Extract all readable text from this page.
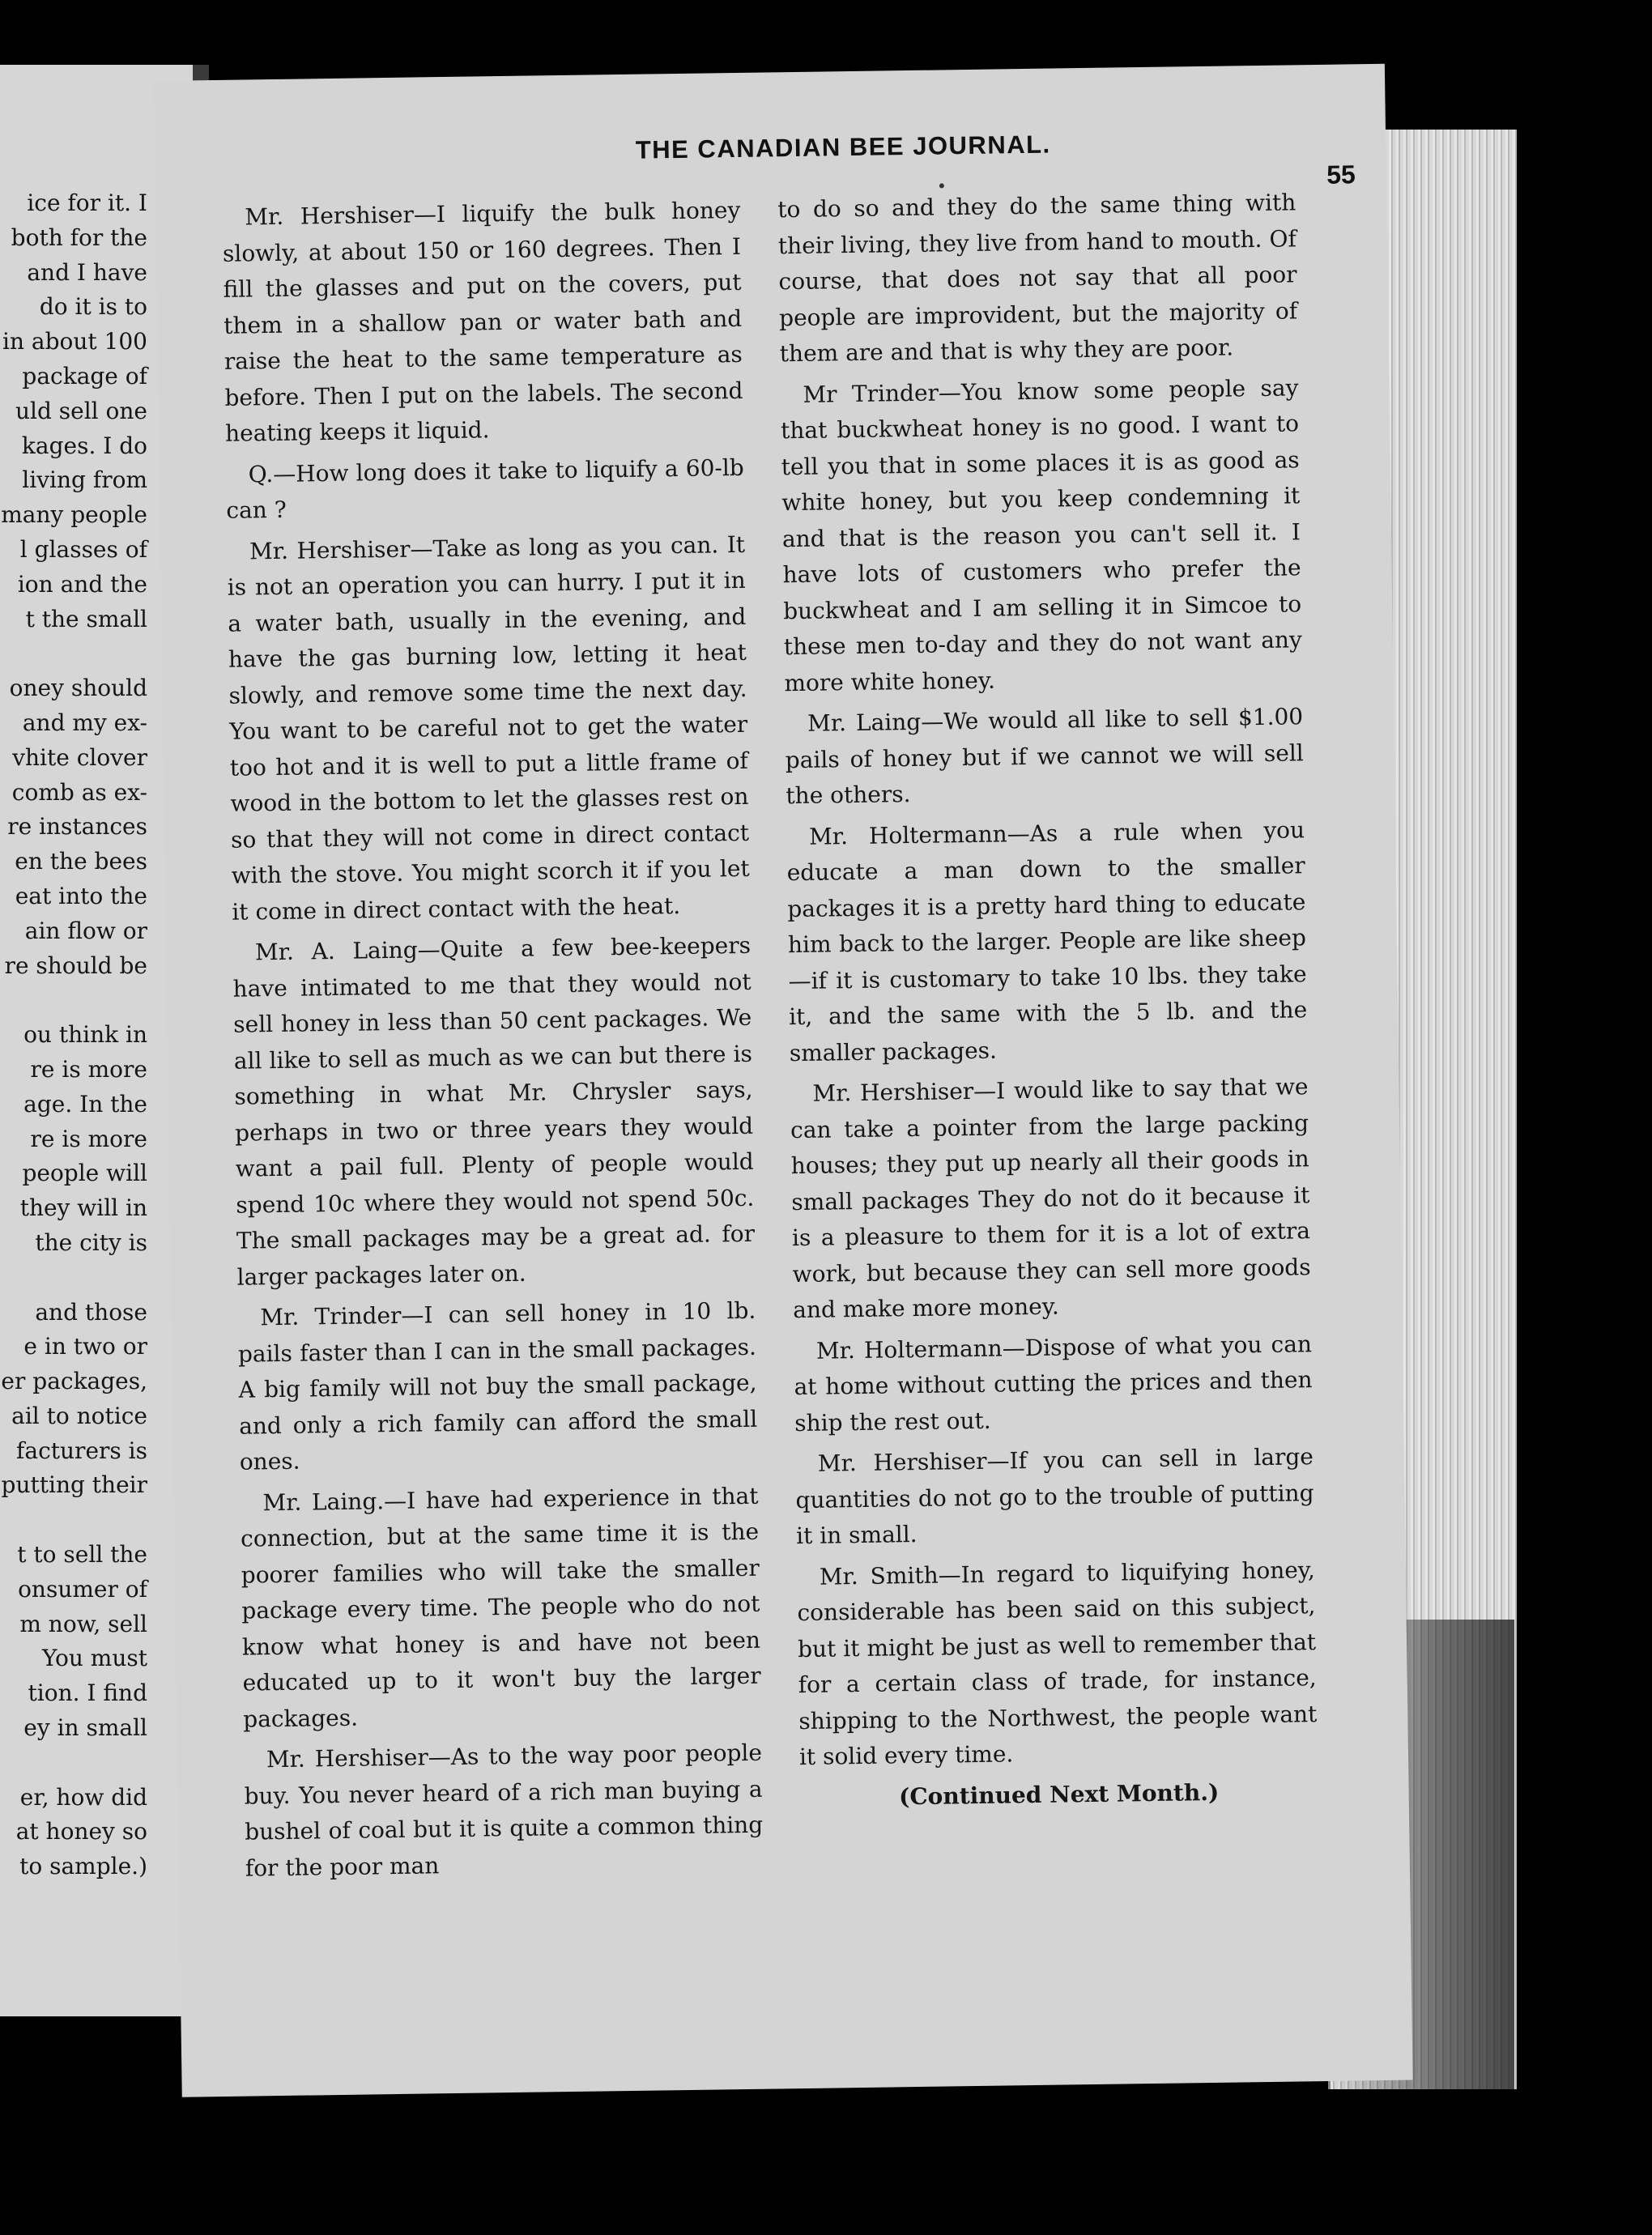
ice for it. I
both for the
and I have
do it is to
in about 100
package of
uld sell one
kages. I do
living from
many people
l glasses of
ion and the
t the small
oney should
and my ex-
vhite clover
comb as ex-
re instances
en the bees
eat into the
ain flow or
re should be
ou think in
re is more
age. In the
re is more
people will
they will in
the city is
and those
e in two or
er packages,
ail to notice
facturers is
putting their
t to sell the
onsumer of
m now, sell
You must
tion. I find
ey in small
er, how did
at honey so
to sample.)
THE CANADIAN BEE JOURNAL.
55

Mr. Hershiser—I liquify the bulk honey slowly, at about 150 or 160 degrees. Then I fill the glasses and put on the covers, put them in a shallow pan or water bath and raise the heat to the same temperature as before. Then I put on the labels. The second heating keeps it liquid.

Q.—How long does it take to liquify a 60-lb can ?

Mr. Hershiser—Take as long as you can. It is not an operation you can hurry. I put it in a water bath, usually in the evening, and have the gas burning low, letting it heat slowly, and remove some time the next day. You want to be careful not to get the water too hot and it is well to put a little frame of wood in the bottom to let the glasses rest on so that they will not come in direct contact with the stove. You might scorch it if you let it come in direct contact with the heat.

Mr. A. Laing—Quite a few bee-keepers have intimated to me that they would not sell honey in less than 50 cent packages. We all like to sell as much as we can but there is something in what Mr. Chrysler says, perhaps in two or three years they would want a pail full. Plenty of people would spend 10c where they would not spend 50c. The small packages may be a great ad. for larger packages later on.

Mr. Trinder—I can sell honey in 10 lb. pails faster than I can in the small packages. A big family will not buy the small package, and only a rich family can afford the small ones.

Mr. Laing.—I have had experience in that connection, but at the same time it is the poorer families who will take the smaller package every time. The people who do not know what honey is and have not been educated up to it won't buy the larger packages.

Mr. Hershiser—As to the way poor people buy. You never heard of a rich man buying a bushel of coal but it is quite a common thing for the poor man

to do so and they do the same thing with their living, they live from hand to mouth. Of course, that does not say that all poor people are improvident, but the majority of them are and that is why they are poor.

Mr Trinder—You know some people say that buckwheat honey is no good. I want to tell you that in some places it is as good as white honey, but you keep condemning it and that is the reason you can't sell it. I have lots of customers who prefer the buckwheat and I am selling it in Simcoe to these men to-day and they do not want any more white honey.

Mr. Laing—We would all like to sell $1.00 pails of honey but if we cannot we will sell the others.

Mr. Holtermann—As a rule when you educate a man down to the smaller packages it is a pretty hard thing to educate him back to the larger. People are like sheep—if it is customary to take 10 lbs. they take it, and the same with the 5 lb. and the smaller packages.

Mr. Hershiser—I would like to say that we can take a pointer from the large packing houses; they put up nearly all their goods in small packages They do not do it because it is a pleasure to them for it is a lot of extra work, but because they can sell more goods and make more money.

Mr. Holtermann—Dispose of what you can at home without cutting the prices and then ship the rest out.

Mr. Hershiser—If you can sell in large quantities do not go to the trouble of putting it in small.

Mr. Smith—In regard to liquifying honey, considerable has been said on this subject, but it might be just as well to remember that for a certain class of trade, for instance, shipping to the Northwest, the people want it solid every time.

(Continued Next Month.)
